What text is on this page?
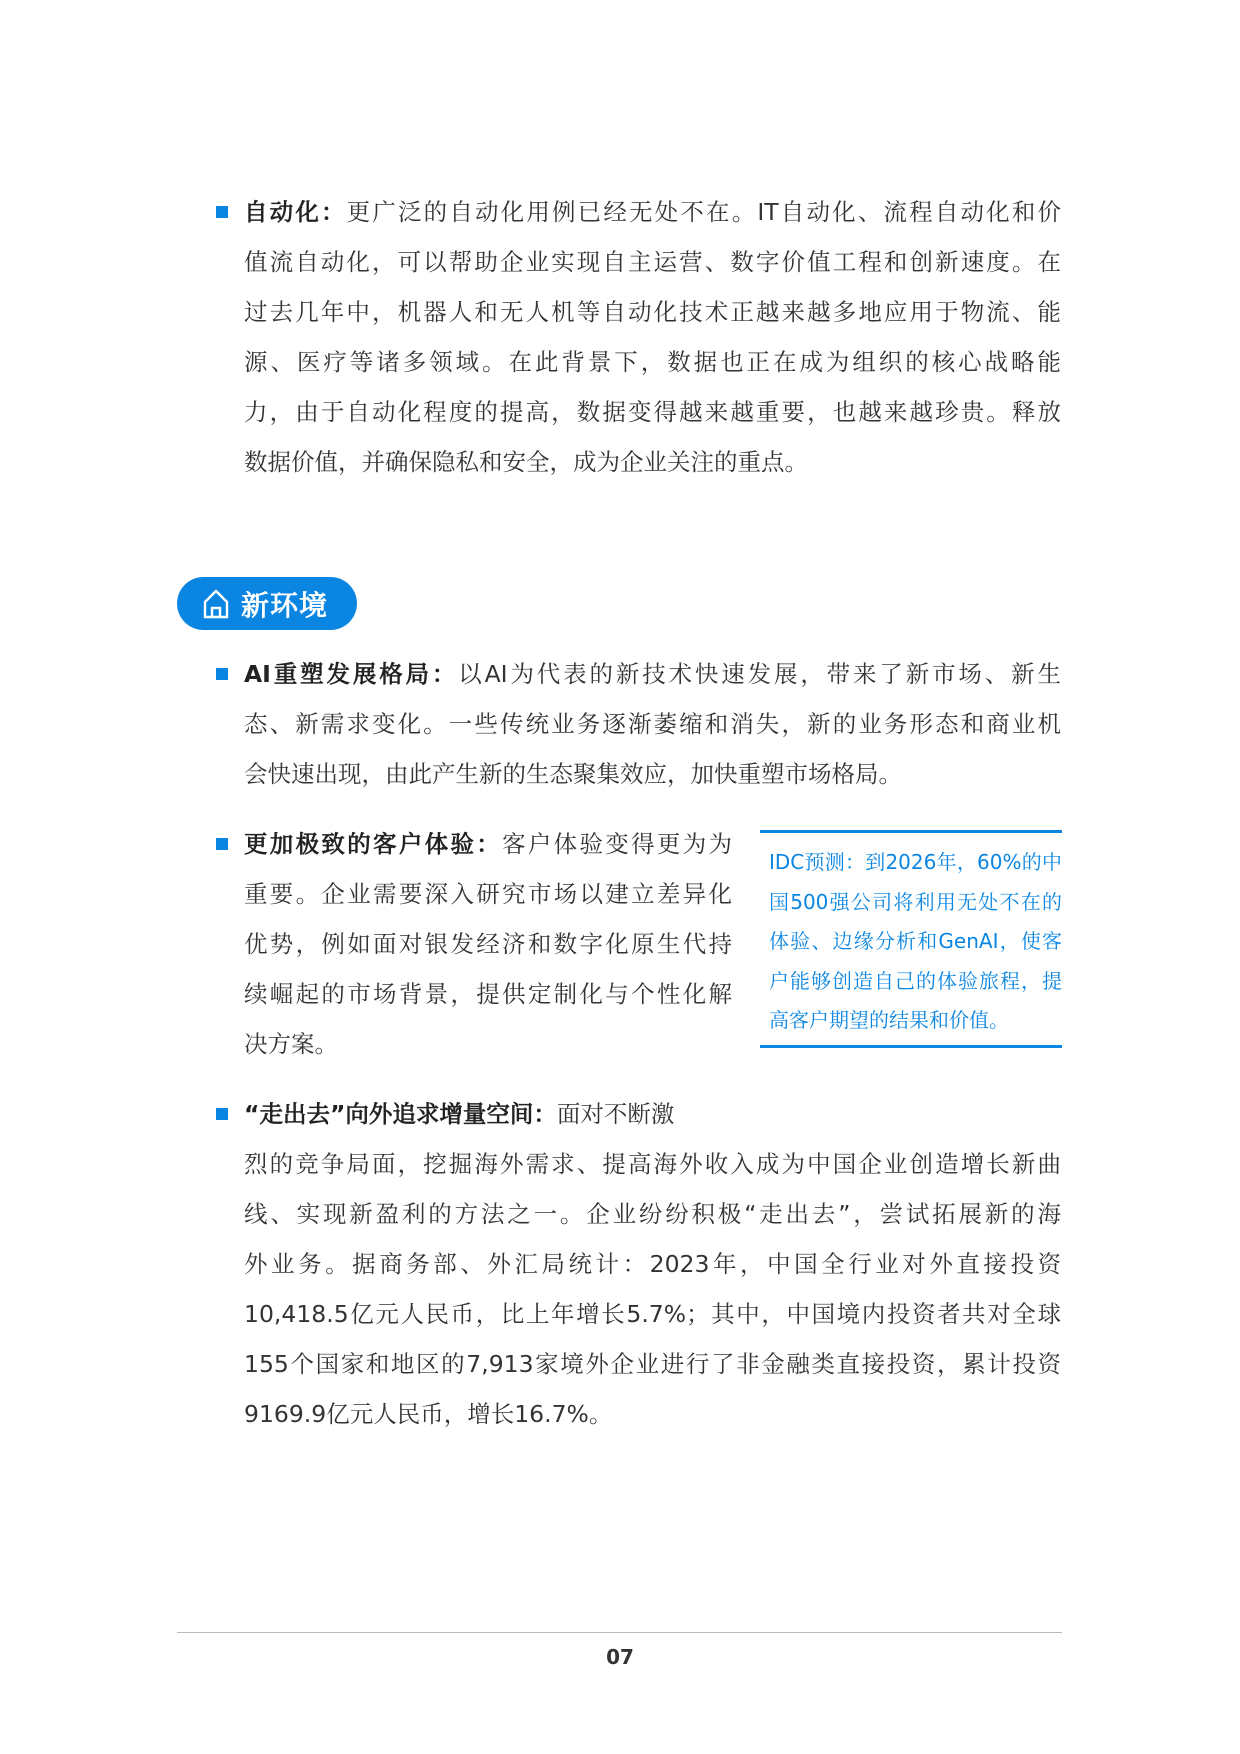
自动化：更广泛的自动化用例已经无处不在。IT自动化、流程自动化和价
值流自动化，可以帮助企业实现自主运营、数字价值工程和创新速度。在
过去几年中，机器人和无人机等自动化技术正越来越多地应用于物流、能
源、医疗等诸多领域。在此背景下，数据也正在成为组织的核心战略能
力，由于自动化程度的提高，数据变得越来越重要，也越来越珍贵。释放
数据价值，并确保隐私和安全，成为企业关注的重点。
新环境
AI重塑发展格局：以AI为代表的新技术快速发展，带来了新市场、新生
态、新需求变化。一些传统业务逐渐萎缩和消失，新的业务形态和商业机
会快速出现，由此产生新的生态聚集效应，加快重塑市场格局。
更加极致的客户体验：客户体验变得更为为
重要。企业需要深入研究市场以建立差异化
优势，例如面对银发经济和数字化原生代持
续崛起的市场背景，提供定制化与个性化解
决方案。
IDC预测：到2026年，60%的中
国500强公司将利用无处不在的
体验、边缘分析和GenAI，使客
户能够创造自己的体验旅程，提
高客户期望的结果和价值。
“走出去”向外追求增量空间：面对不断激
烈的竞争局面，挖掘海外需求、提高海外收入成为中国企业创造增长新曲
线、实现新盈利的方法之一。企业纷纷积极“走出去”，尝试拓展新的海
外业务。据商务部、外汇局统计：2023年，中国全行业对外直接投资
10,418.5亿元人民币，比上年增长5.7%；其中，中国境内投资者共对全球
155个国家和地区的7,913家境外企业进行了非金融类直接投资，累计投资
9169.9亿元人民币，增长16.7%。
07
